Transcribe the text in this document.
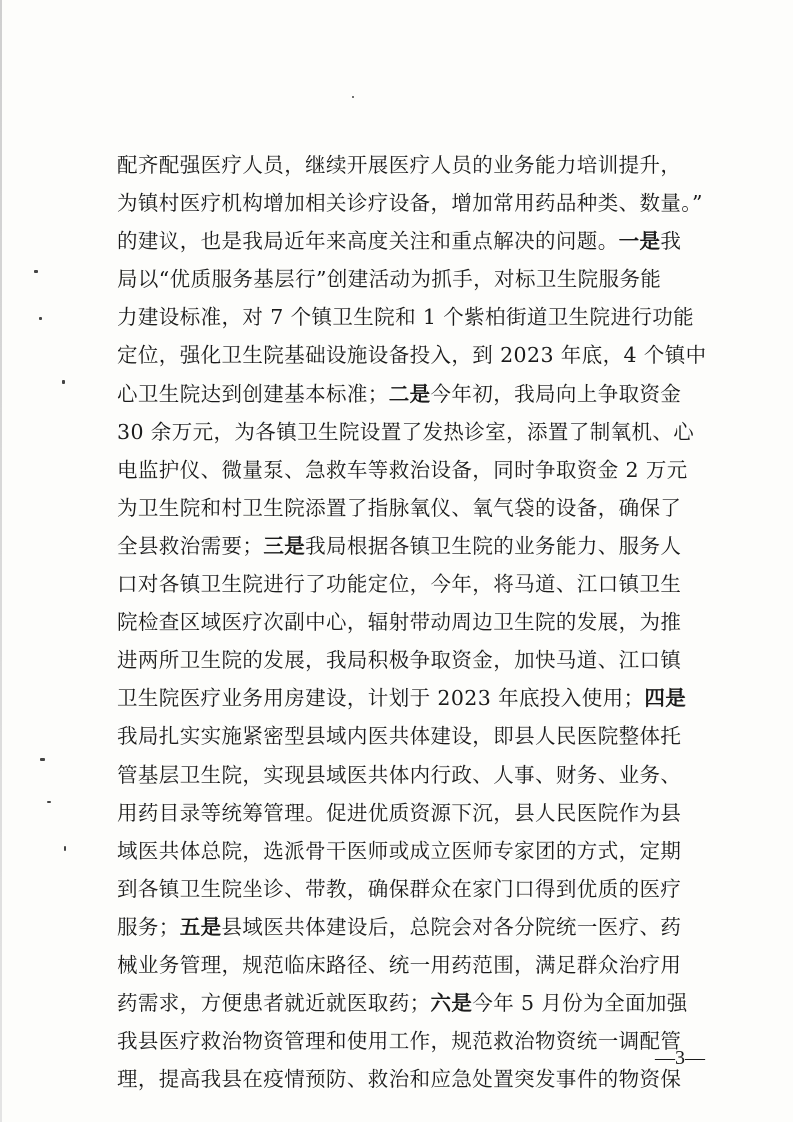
配齐配强医疗人员，继续开展医疗人员的业务能力培训提升，
为镇村医疗机构增加相关诊疗设备，增加常用药品种类、数量。”
的建议，也是我局近年来高度关注和重点解决的问题。一是我
局以“优质服务基层行”创建活动为抓手，对标卫生院服务能
力建设标准，对 7 个镇卫生院和 1 个紫柏街道卫生院进行功能
定位，强化卫生院基础设施设备投入，到 2023 年底，4 个镇中
心卫生院达到创建基本标准；二是今年初，我局向上争取资金
30 余万元，为各镇卫生院设置了发热诊室，添置了制氧机、心
电监护仪、微量泵、急救车等救治设备，同时争取资金 2 万元
为卫生院和村卫生院添置了指脉氧仪、氧气袋的设备，确保了
全县救治需要；三是我局根据各镇卫生院的业务能力、服务人
口对各镇卫生院进行了功能定位，今年，将马道、江口镇卫生
院检查区域医疗次副中心，辐射带动周边卫生院的发展，为推
进两所卫生院的发展，我局积极争取资金，加快马道、江口镇
卫生院医疗业务用房建设，计划于 2023 年底投入使用；四是
我局扎实实施紧密型县域内医共体建设，即县人民医院整体托
管基层卫生院，实现县域医共体内行政、人事、财务、业务、
用药目录等统筹管理。促进优质资源下沉，县人民医院作为县
域医共体总院，选派骨干医师或成立医师专家团的方式，定期
到各镇卫生院坐诊、带教，确保群众在家门口得到优质的医疗
服务；五是县域医共体建设后，总院会对各分院统一医疗、药
械业务管理，规范临床路径、统一用药范围，满足群众治疗用
药需求，方便患者就近就医取药；六是今年 5 月份为全面加强
我县医疗救治物资管理和使用工作，规范救治物资统一调配管
理，提高我县在疫情预防、救治和应急处置突发事件的物资保
—3—
